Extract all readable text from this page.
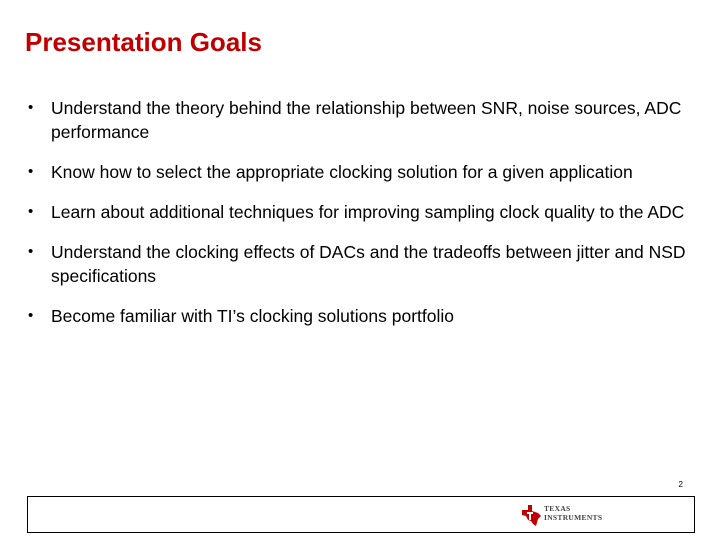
Presentation Goals
• Understand the theory behind the relationship between SNR, noise sources, ADC performance
• Know how to select the appropriate clocking solution for a given application
• Learn about additional techniques for improving sampling clock quality to the ADC
• Understand the clocking effects of DACs and the tradeoffs between jitter and NSD specifications
• Become familiar with TI’s clocking solutions portfolio
2
TEXAS
INSTRUMENTS
